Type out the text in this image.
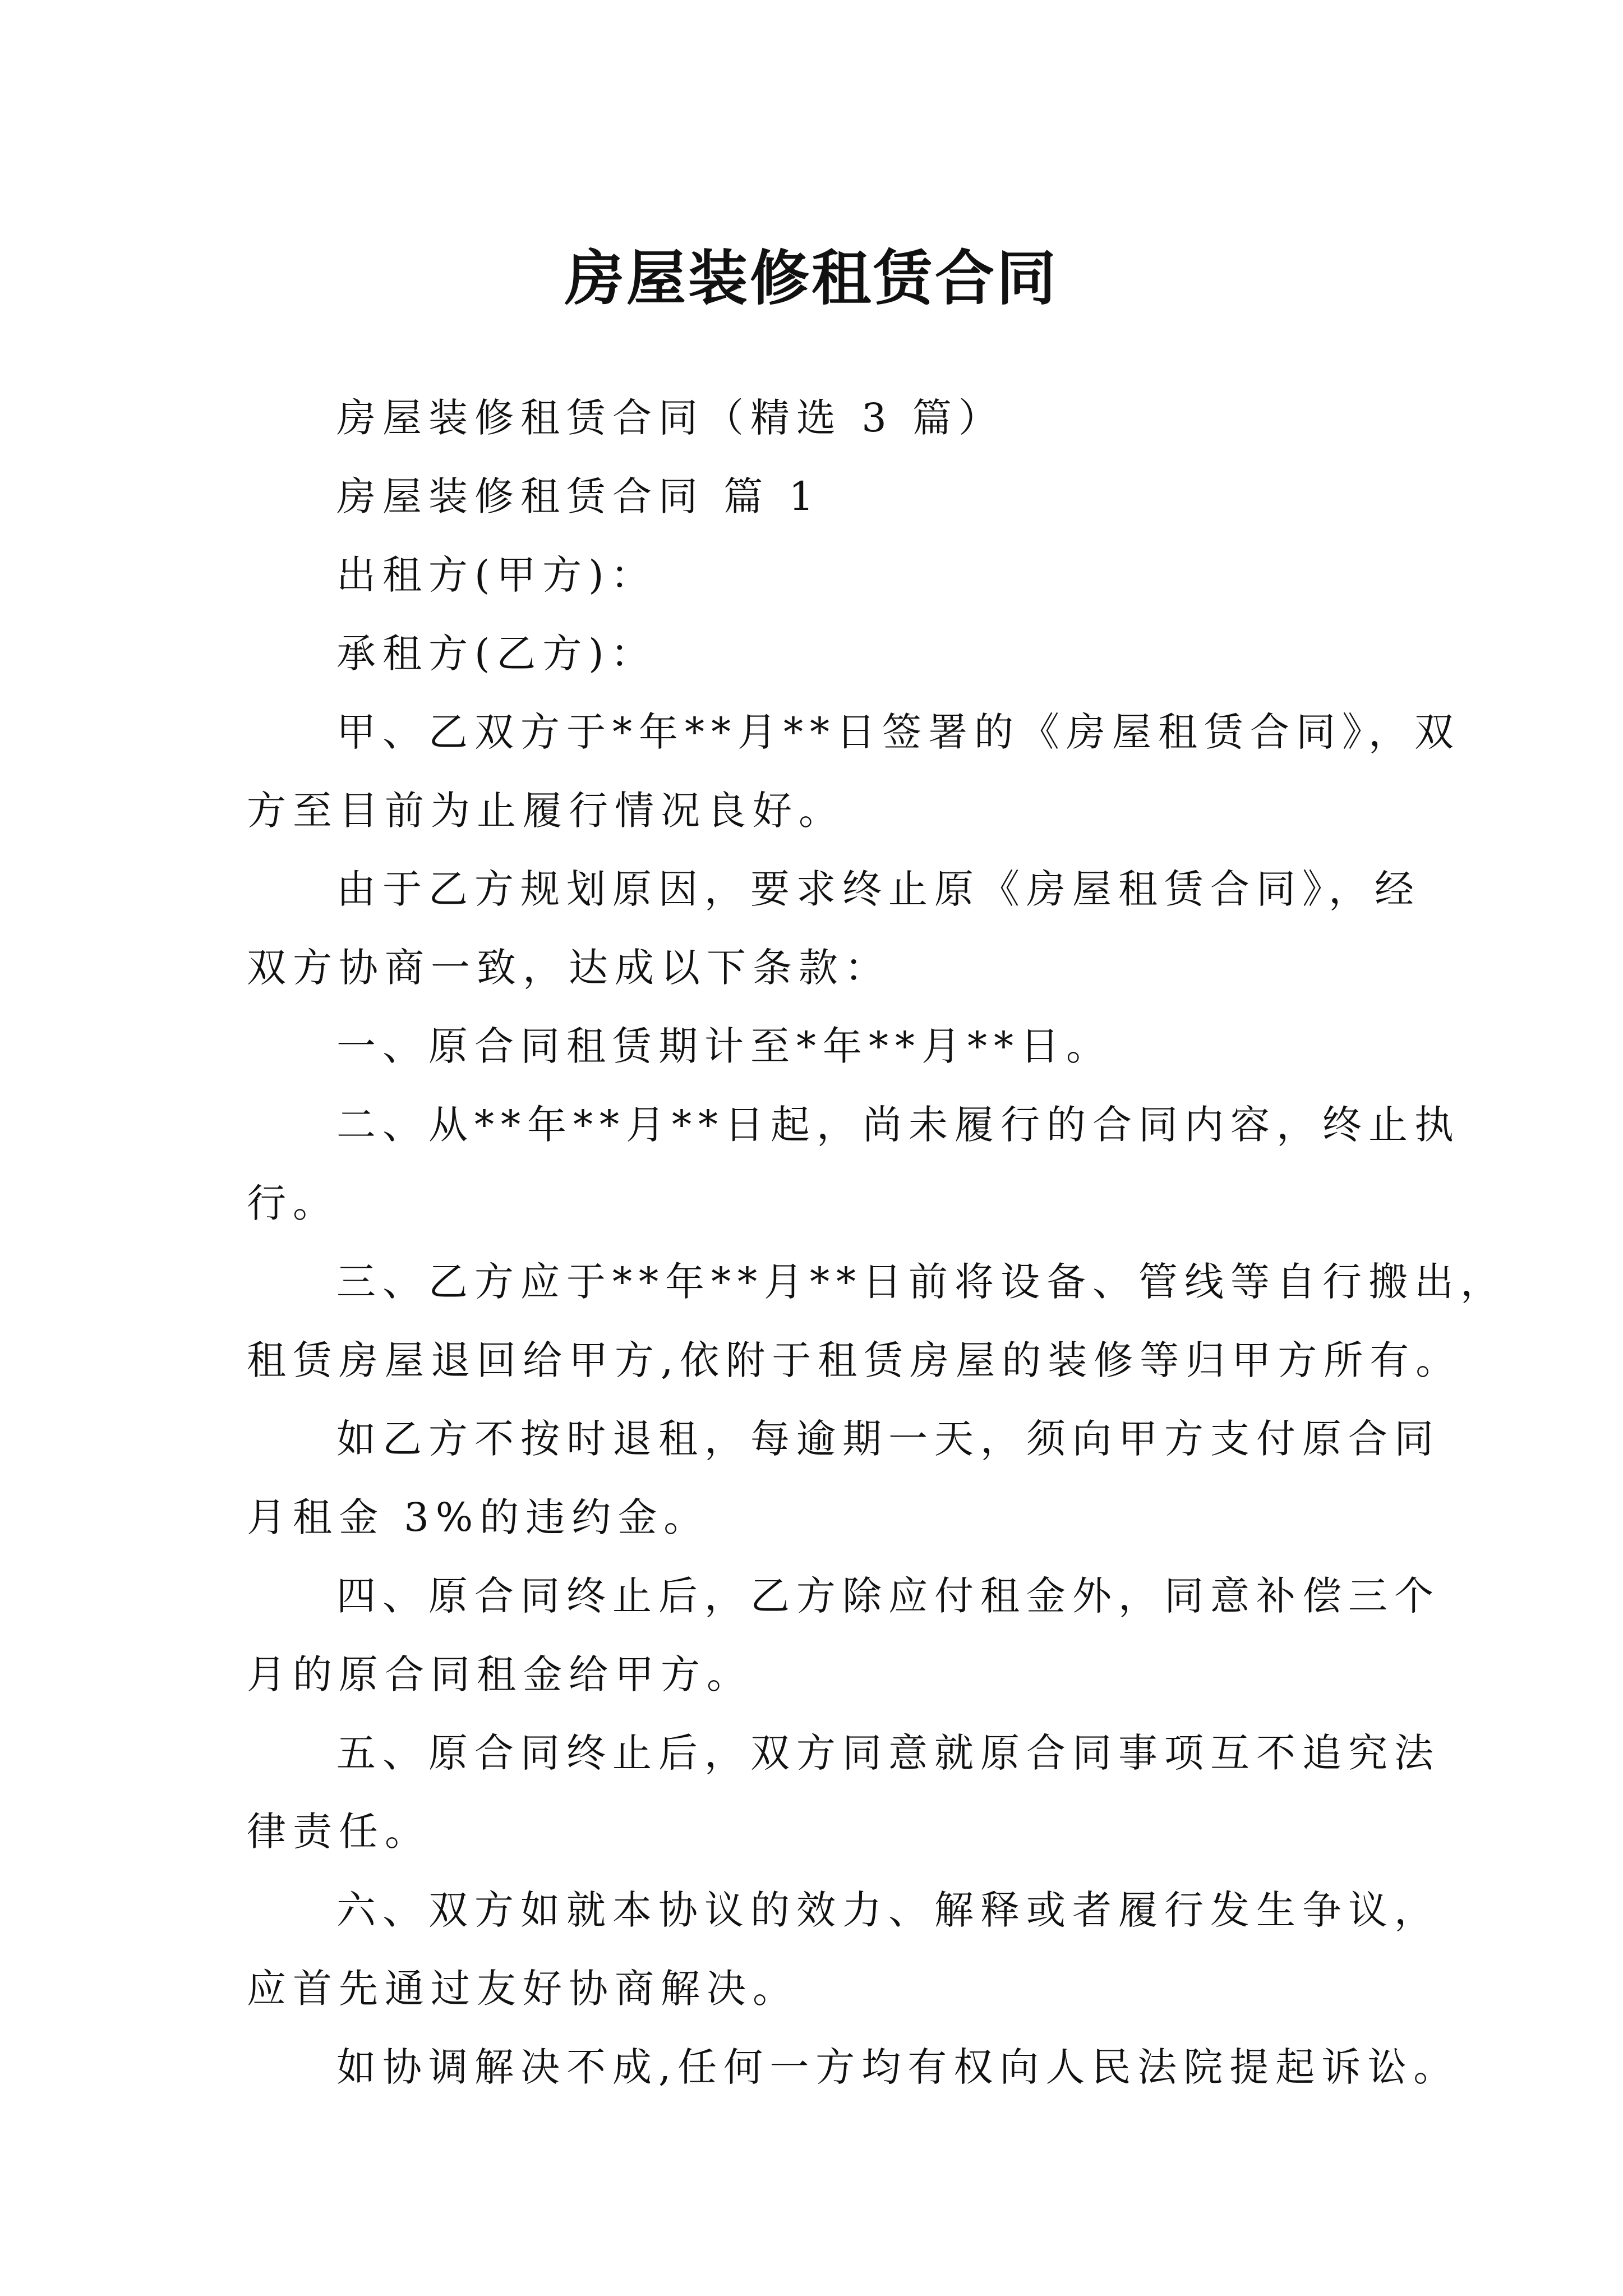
房屋装修租赁合同

房屋装修租赁合同（精选 3 篇）

房屋装修租赁合同 篇 1

出租方(甲方)：

承租方(乙方)：

甲、乙双方于*年**月**日签署的《房屋租赁合同》，双
方至目前为止履行情况良好。

由于乙方规划原因，要求终止原《房屋租赁合同》，经
双方协商一致，达成以下条款：

一、原合同租赁期计至*年**月**日。

二、从**年**月**日起，尚未履行的合同内容，终止执
行。

三、乙方应于**年**月**日前将设备、管线等自行搬出，
租赁房屋退回给甲方,依附于租赁房屋的装修等归甲方所有。

如乙方不按时退租，每逾期一天，须向甲方支付原合同
月租金 3%的违约金。

四、原合同终止后，乙方除应付租金外，同意补偿三个
月的原合同租金给甲方。

五、原合同终止后，双方同意就原合同事项互不追究法
律责任。

六、双方如就本协议的效力、解释或者履行发生争议，
应首先通过友好协商解决。

如协调解决不成,任何一方均有权向人民法院提起诉讼。
